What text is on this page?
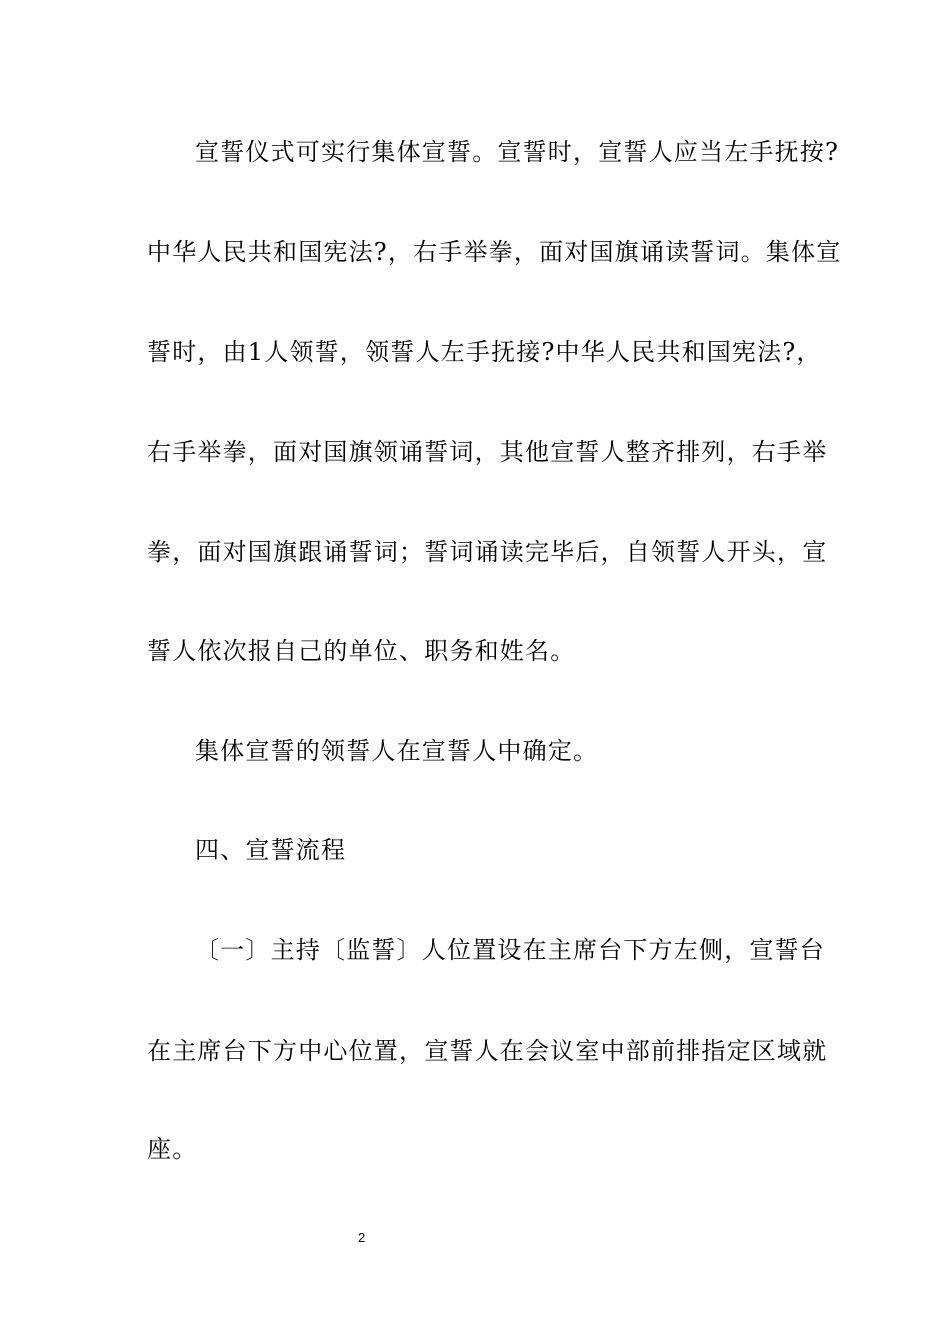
宣誓仪式可实行集体宣誓。宣誓时，宣誓人应当左手抚按?
中华人民共和国宪法?，右手举拳，面对国旗诵读誓词。集体宣
誓时，由1人领誓，领誓人左手抚接?中华人民共和国宪法?，
右手举拳，面对国旗领诵誓词，其他宣誓人整齐排列，右手举
拳，面对国旗跟诵誓词；誓词诵读完毕后，自领誓人开头，宣
誓人依次报自己的单位、职务和姓名。
集体宣誓的领誓人在宣誓人中确定。
四、宣誓流程
〔一〕主持〔监誓〕人位置设在主席台下方左侧，宣誓台
在主席台下方中心位置，宣誓人在会议室中部前排指定区域就
座。
2
